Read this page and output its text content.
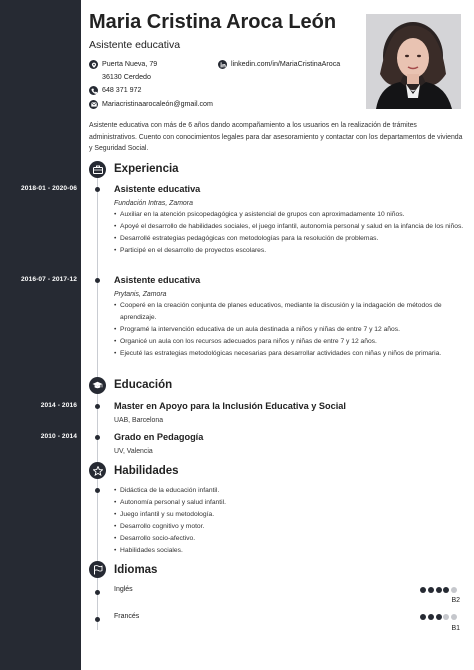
Maria Cristina Aroca León
Asistente educativa
Puerta Nueva, 79
36130 Cerdedo
648 371 972
Mariacristinaarocaleón@gmail.com
linkedin.com/in/MariaCristinaAroca
Asistente educativa con más de 6 años dando acompañamiento a los usuarios en la realización de trámites administrativos. Cuento con conocimientos legales para dar asesoramiento y contactar con los departamentos de vivienda y Seguridad Social.
Experiencia
2018-01 - 2020-06	Asistente educativa
Fundación Intras, Zamora
• Auxiliar en la atención psicopedagógica y asistencial de grupos con aproximadamente 10 niños.
• Apoyé el desarrollo de habilidades sociales, el juego infantil, autonomía personal y salud en la infancia de los niños.
• Desarrollé estrategias pedagógicas con metodologías para la resolución de problemas.
• Participé en el desarrollo de proyectos escolares.
2016-07 - 2017-12	Asistente educativa
Prytanis, Zamora
• Cooperé en la creación conjunta de planes educativos, mediante la discusión y la indagación de métodos de aprendizaje.
• Programé la intervención educativa de un aula destinada a niños y niñas de entre 7 y 12 años.
• Organicé un aula con los recursos adecuados para niños y niñas de entre 7 y 12 años.
• Ejecuté las estrategias metodológicas necesarias para desarrollar actividades con niñas y niños de primaria.
Educación
2014 - 2016	Master en Apoyo para la Inclusión Educativa y Social
UAB, Barcelona
2010 - 2014	Grado en Pedagogía
UV, Valencia
Habilidades
• Didáctica de la educación infantil.
• Autonomía personal y salud infantil.
• Juego infantil y su metodología.
• Desarrollo cognitivo y motor.
• Desarrollo socio-afectivo.
• Habilidades sociales.
Idiomas
Inglés
B2
Francés
B1
